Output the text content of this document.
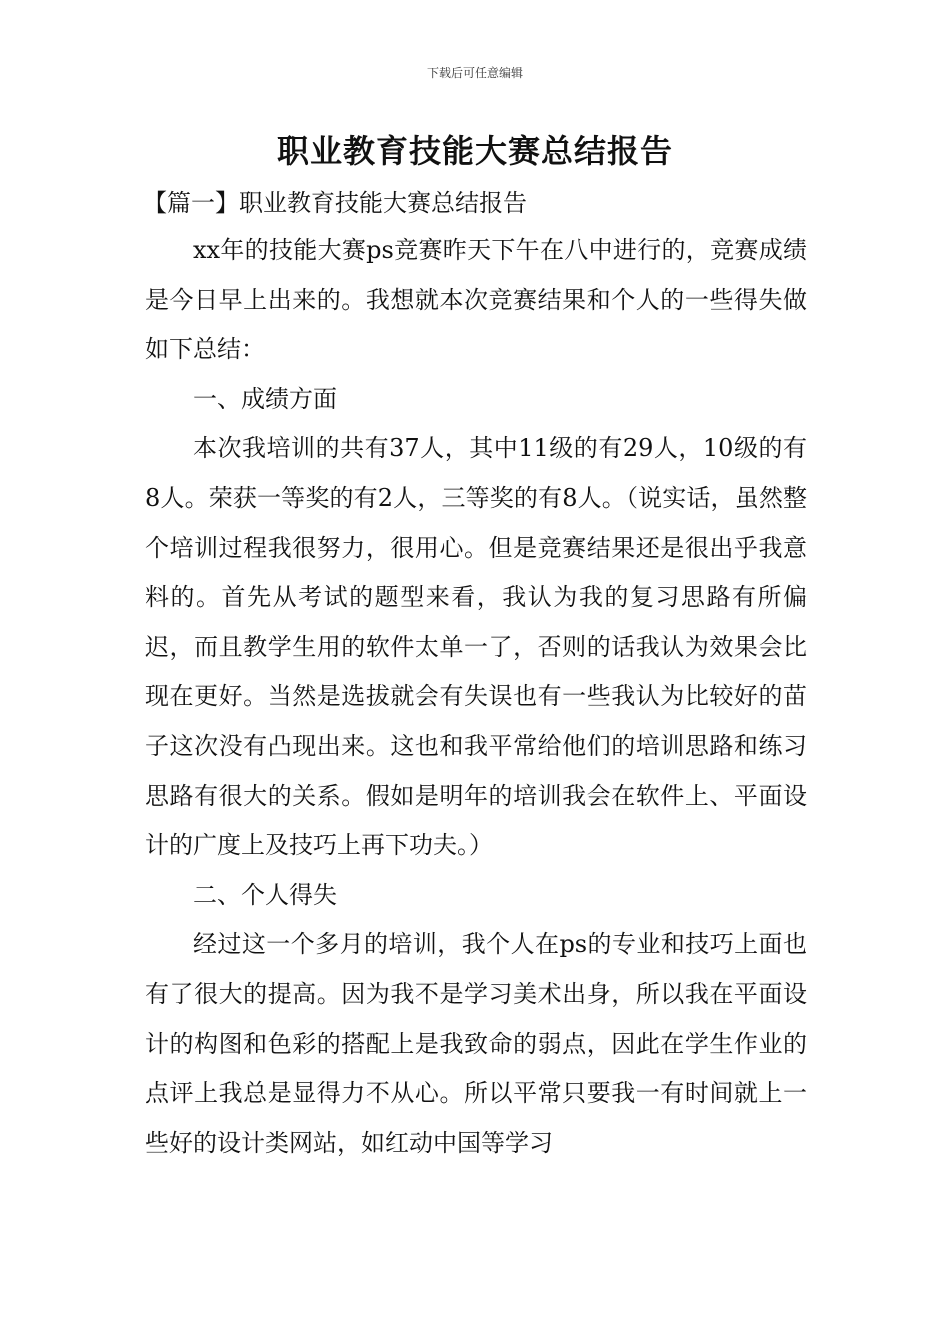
下载后可任意编辑
职业教育技能大赛总结报告
【篇一】职业教育技能大赛总结报告

xx年的技能大赛ps竞赛昨天下午在八中进行的，竞赛成绩是今日早上出来的。我想就本次竞赛结果和个人的一些得失做如下总结：

一、成绩方面

本次我培训的共有37人，其中11级的有29人，10级的有8人。荣获一等奖的有2人，三等奖的有8人。（说实话，虽然整个培训过程我很努力，很用心。但是竞赛结果还是很出乎我意料的。首先从考试的题型来看，我认为我的复习思路有所偏迟，而且教学生用的软件太单一了，否则的话我认为效果会比现在更好。当然是选拔就会有失误也有一些我认为比较好的苗子这次没有凸现出来。这也和我平常给他们的培训思路和练习思路有很大的关系。假如是明年的培训我会在软件上、平面设计的广度上及技巧上再下功夫。）

二、个人得失

经过这一个多月的培训，我个人在ps的专业和技巧上面也有了很大的提高。因为我不是学习美术出身，所以我在平面设计的构图和色彩的搭配上是我致命的弱点，因此在学生作业的点评上我总是显得力不从心。所以平常只要我一有时间就上一些好的设计类网站，如红动中国等学习
